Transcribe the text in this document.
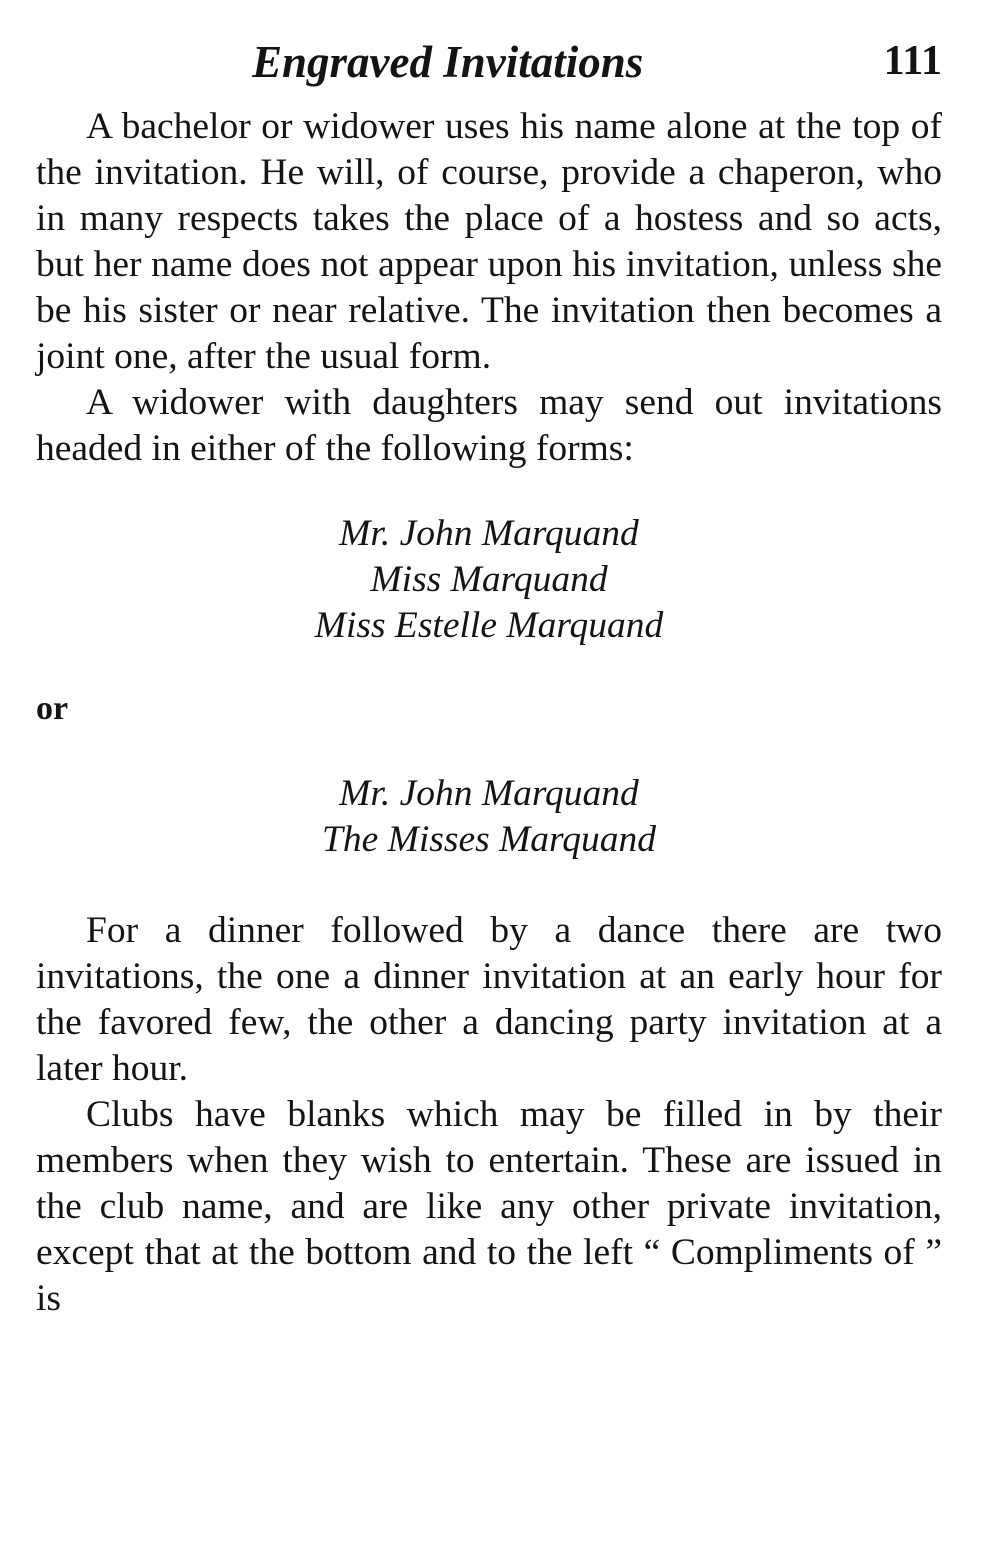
Engraved Invitations	111

A bachelor or widower uses his name alone at the top of the invitation. He will, of course, provide a chaperon, who in many respects takes the place of a hostess and so acts, but her name does not appear upon his invitation, unless she be his sister or near relative. The invitation then becomes a joint one, after the usual form.

A widower with daughters may send out invitations headed in either of the following forms:

Mr. John Marquand
Miss Marquand
Miss Estelle Marquand
or
Mr. John Marquand
The Misses Marquand

For a dinner followed by a dance there are two invitations, the one a dinner invitation at an early hour for the favored few, the other a dancing party invitation at a later hour.

Clubs have blanks which may be filled in by their members when they wish to entertain. These are issued in the club name, and are like any other private invitation, except that at the bottom and to the left “ Compliments of ” is
